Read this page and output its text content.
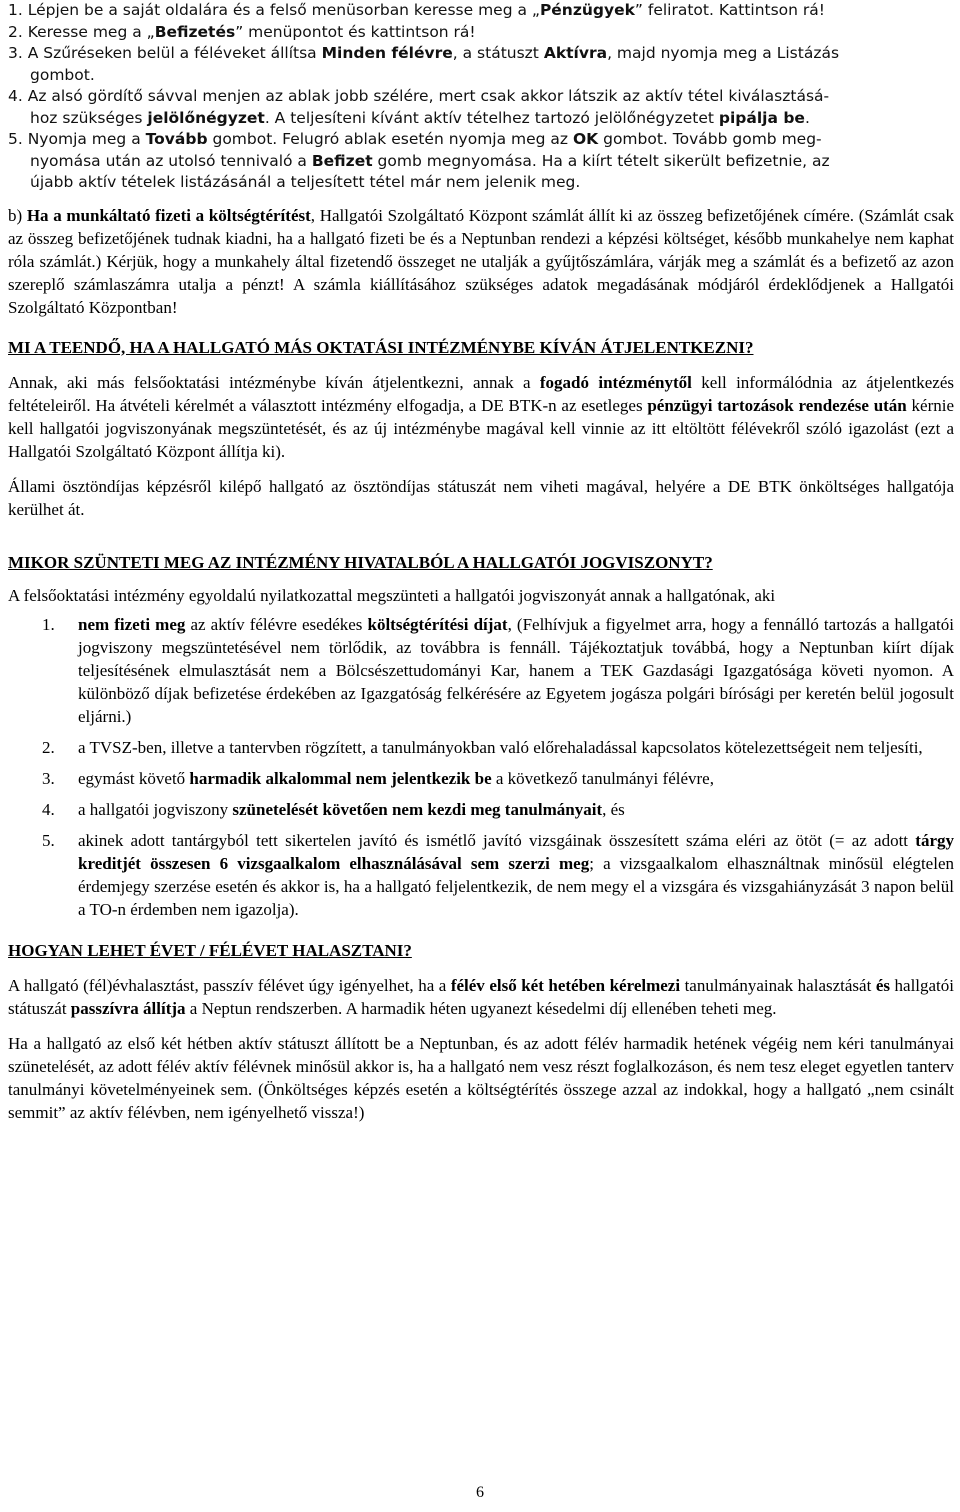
1. Lépjen be a saját oldalára és a felső menüsorban keresse meg a „Pénzügyek” feliratot. Kattintson rá!
2. Keresse meg a „Befizetés” menüpontot és kattintson rá!
3. A Szűréseken belül a féléveket állítsa Minden félévre, a státuszt Aktívra, majd nyomja meg a Listázás
gombot.
4. Az alsó gördítő sávval menjen az ablak jobb szélére, mert csak akkor látszik az aktív tétel kiválasztásá-
hoz szükséges jelölőnégyzet. A teljesíteni kívánt aktív tételhez tartozó jelölőnégyzetet pipálja be.
5. Nyomja meg a Tovább gombot. Felugró ablak esetén nyomja meg az OK gombot. Tovább gomb meg-
nyomása után az utolsó tennivaló a Befizet gomb megnyomása. Ha a kiírt tételt sikerült befizetnie, az
újabb aktív tételek listázásánál a teljesített tétel már nem jelenik meg.

b) Ha a munkáltató fizeti a költségtérítést, Hallgatói Szolgáltató Központ számlát állít ki az összeg befizetőjének címére. (Számlát csak az összeg befizetőjének tudnak kiadni, ha a hallgató fizeti be és a Neptunban rendezi a képzési költséget, később munkahelye nem kaphat róla számlát.) Kérjük, hogy a munkahely által fizetendő összeget ne utalják a gyűjtőszámlára, várják meg a számlát és a befizető az azon szereplő számlaszámra utalja a pénzt! A számla kiállításához szükséges adatok megadásának módjáról érdeklődjenek a Hallgatói Szolgáltató Központban!

MI A TEENDŐ, HA A HALLGATÓ MÁS OKTATÁSI INTÉZMÉNYBE KÍVÁN ÁTJELENTKEZNI?

Annak, aki más felsőoktatási intézménybe kíván átjelentkezni, annak a fogadó intézménytől kell informálódnia az átjelentkezés feltételeiről. Ha átvételi kérelmét a választott intézmény elfogadja, a DE BTK-n az esetleges pénzügyi tartozások rendezése után kérnie kell hallgatói jogviszonyának megszüntetését, és az új intézménybe magával kell vinnie az itt eltöltött félévekről szóló igazolást (ezt a Hallgatói Szolgáltató Központ állítja ki).

Állami ösztöndíjas képzésről kilépő hallgató az ösztöndíjas státuszát nem viheti magával, helyére a DE BTK önköltséges hallgatója kerülhet át.

MIKOR SZÜNTETI MEG AZ INTÉZMÉNY HIVATALBÓL A HALLGATÓI JOGVISZONYT?

A felsőoktatási intézmény egyoldalú nyilatkozattal megszünteti a hallgatói jogviszonyát annak a hallgatónak, aki

1. nem fizeti meg az aktív félévre esedékes költségtérítési díjat, (Felhívjuk a figyelmet arra, hogy a fennálló tartozás a hallgatói jogviszony megszüntetésével nem törlődik, az továbbra is fennáll. Tájékoztatjuk továbbá, hogy a Neptunban kiírt díjak teljesítésének elmulasztását nem a Bölcsészettudományi Kar, hanem a TEK Gazdasági Igazgatósága követi nyomon. A különböző díjak befizetése érdekében az Igazgatóság felkérésére az Egyetem jogásza polgári bírósági per keretén belül jogosult eljárni.)
2. a TVSZ-ben, illetve a tantervben rögzített, a tanulmányokban való előrehaladással kapcsolatos kötelezettségeit nem teljesíti,
3. egymást követő harmadik alkalommal nem jelentkezik be a következő tanulmányi félévre,
4. a hallgatói jogviszony szünetelését követően nem kezdi meg tanulmányait, és
5. akinek adott tantárgyból tett sikertelen javító és ismétlő javító vizsgáinak összesített száma eléri az ötöt (= az adott tárgy kreditjét összesen 6 vizsgaalkalom elhasználásával sem szerzi meg; a vizsgaalkalom elhasználtnak minősül elégtelen érdemjegy szerzése esetén és akkor is, ha a hallgató feljelentkezik, de nem megy el a vizsgára és vizsgahiányzását 3 napon belül a TO-n érdemben nem igazolja).
HOGYAN LEHET ÉVET / FÉLÉVET HALASZTANI?

A hallgató (fél)évhalasztást, passzív félévet úgy igényelhet, ha a félév első két hetében kérelmezi tanulmányainak halasztását és hallgatói státuszát passzívra állítja a Neptun rendszerben. A harmadik héten ugyanezt késedelmi díj ellenében teheti meg.

Ha a hallgató az első két hétben aktív státuszt állított be a Neptunban, és az adott félév harmadik hetének végéig nem kéri tanulmányai szünetelését, az adott félév aktív félévnek minősül akkor is, ha a hallgató nem vesz részt foglalkozáson, és nem tesz eleget egyetlen tanterv tanulmányi követelményeinek sem. (Önköltséges képzés esetén a költségtérítés összege azzal az indokkal, hogy a hallgató „nem csinált semmit” az aktív félévben, nem igényelhető vissza!)

6
